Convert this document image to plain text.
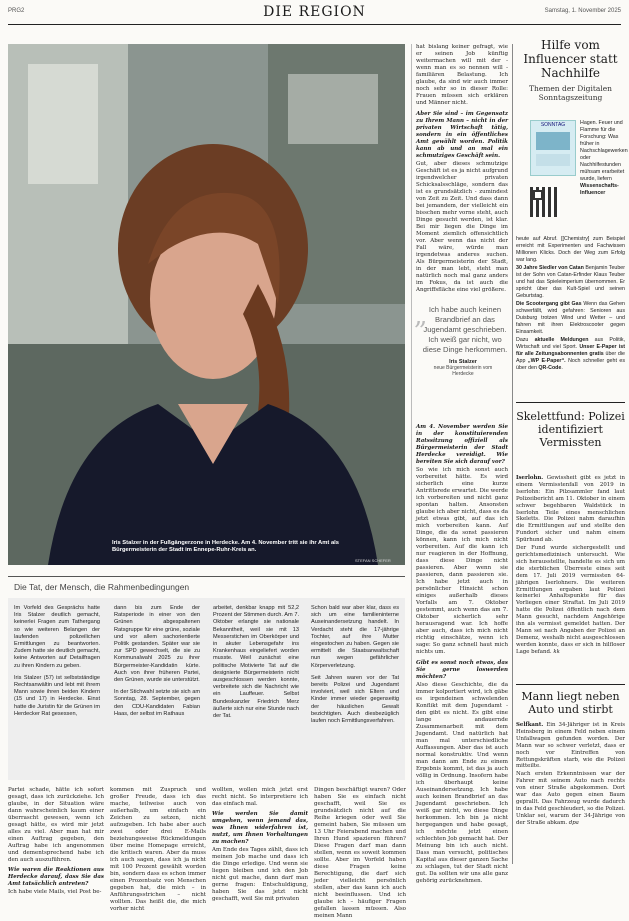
PRG2	DIE REGION	Samstag, 1. November 2025
Iris Stalzer in der Fußgängerzone in Herdecke. Am 4. November tritt sie ihr Amt als Bürgermeisterin der Stadt im Ennepe-Ruhr-Kreis an.
STEFAN SCHEFER
Die Tat, der Mensch, die Rahmenbedingungen

Im Vorfeld des Gesprächs hatte Iris Stalzer deutlich gemacht, keinerlei Fragen zum Tathergang so wie weiteren Belangen der laufenden polizeilichen Ermittlungen zu beantworten. Zudem hatte sie deutlich gemacht, keine Antworten auf Detailfragen zu ihren Kindern zu geben.

Iris Stalzer (57) ist selbstständige Rechtsanwältin und lebt mit ihrem Mann sowie ihren beiden Kindern (15 und 17) in Herdecke. Einst hatte die Juristin für die Grünen im Herdecker Rat gesessen,

dann bis zum Ende der Ratsperiode in einer von den Grünen abgespaltenen Ratsgruppe für eine grüne, soziale und vor allem sachorientierte Politik gestanden. Später war sie zur SPD gewechselt, die sie zu Kommunalwahl 2025 zu ihrer Bürgermeister-Kandidatin kürte. Auch von ihrer früheren Partei, den Grünen, wurde sie unterstützt.

In der Stichwahl setzte sie sich am Sonntag, 28. September, gegen den CDU-Kandidaten Fabian Haas, der selbst im Rathaus

arbeitet, denkbar knapp mit 52,2 Prozent der Stimmen durch. Am 7. Oktober erlangte sie nationale Bekanntheit, weil sie mit 13 Messerstichen im Oberkörper und in akuter Lebensgefahr ins Krankenhaus eingeliefert worden musste. Weil zunächst eine politische Motivierte Tat auf die designierte Bürgermeisterin nicht ausgeschlossen werden konnte, verbreitete sich die Nachricht wie ein Lauffeuer. Selbst Bundeskanzler Friedrich Merz äußerte sich nur eine Stunde nach der Tat.

Schon bald war aber klar, dass es sich um eine familieninterne Auseinandersetzung handelt. In Verdacht steht die 17-jährige Tochter, auf ihre Mutter eingestochen zu haben. Gegen sie ermittelt die Staatsanwaltschaft nun wegen gefährlicher Körperverletzung.

Seit Jahren waren vor der Tat bereits Polizei und Jugendamt involviert, weil sich Eltern und Kinder immer wieder gegenseitig der häuslichen Gewalt bezichtigten. Auch diesbezüglich laufen noch Ermittlungsverfahren.

Partei schade, hätte ich sofort gesagt, dass ich zurückziehe. Ich glaube, in der Situation wäre dann wahrscheinlich kaum einer überrascht gewesen, wenn ich gesagt hätte, es wird mir jetzt alles zu viel. Aber man hat mir einen Auftrag gegeben, den Auftrag habe ich angenommen und dementsprechend habe ich den auch auszuführen.

Wie waren die Reaktionen aus Herdecke darauf, dass Sie das Amt tatsächlich antreten?

Ich habe viele Mails, viel Post be-

kommen mit Zuspruch und großer Freude, dass ich das mache, teilweise auch von außerhalb, um einfach ein Zeichen zu setzen, nicht aufzugeben. Ich habe aber auch zwei oder drei E-Mails beziehungsweise Rückmeldungen über meine Homepage erreicht, die kritisch waren. Aber da muss ich auch sagen, dass ich ja nicht mit 100 Prozent gewählt worden bin, sondern dass es schon immer einen Prozentsatz von Menschen gegeben hat, die mich – in Anführungsstrichen – nicht wollten. Das heißt die, die mich vorher nicht

wollten, wollen mich jetzt erst recht nicht. So interpretiere ich das einfach mal.

Wie werden Sie damit umgehen, wenn jemand das, was Ihnen widerfahren ist, nutzt, um Ihnen Vorhaltungen zu machen?

Am Ende des Tages zählt, dass ich meinen Job mache und dass ich die Dinge erledige. Und wenn sie liegen bleiben und ich den Job nicht gut mache, dann darf man gerne fragen: Entschuldigung, haben Sie das jetzt nicht geschafft, weil Sie mit privaten

Dingen beschäftigt waren? Oder haben Sie es einfach nicht geschafft, weil Sie es grundsätzlich nicht auf die Reihe kriegen oder weil Sie gemeint haben, Sie müssen um 13 Uhr Feierabend machen und Ihren Hund spazieren führen? Diese Fragen darf man dann stellen, wenn es soweit kommen sollte. Aber im Vorfeld haben diese Fragen keine Berechtigung, die darf sich jeder vielleicht persönlich stellen, aber das kann ich auch nicht beeinflussen. Und ich glaube ich – häufiger Fragen gefallen lassen müssen. Also meinen Mann

hat bislang keiner gefragt, wie er seinen Job künftig weitermachen will mit der - wenn man es so nennen will - familiären Belastung. Ich glaube, da sind wir auch immer noch sehr so in dieser Rolle: Frauen müssen sich erklären und Männer nicht.

Aber Sie sind – im Gegensatz zu Ihrem Mann – nicht in der privaten Wirtschaft tätig, sondern in ein öffentliches Amt gewählt worden. Politik kann ab und an mal ein schmutziges Geschäft sein.

Gut, aber dieses schmutzige Geschäft ist es ja nicht aufgrund irgendwelcher privaten Schicksalsschläge, sondern das ist es grundsätzlich - zumindest von Zeit zu Zeit. Und dass dann bei jemandem, der vielleicht ein bisschen mehr vorne steht, auch Dinge gesucht werden, ist klar. Bei mir liegen die Dinge im Moment ziemlich offensichtlich vor. Aber wenn das nicht der Fall wäre, würde man irgendetwas anderes suchen. Als Bürgermeisterin der Stadt, in der man lebt, steht man natürlich noch mal ganz anders im Fokus, da ist auch die Angriffsfläche eine viel größere.

„ Ich habe auch keinen Brandbrief an das Jugendamt geschrieben. Ich weiß gar nicht, wo diese Dinge herkommen.
Iris Stalzer
neue Bürgermeisterin vom Herdecke

Am 4. November werden Sie in der konstituierenden Ratssitzung offiziell als Bürgermeisterin der Stadt Herdecke vereidigt. Wie bereiten Sie sich darauf vor?

So wie ich mich sonst auch vorbereitet hätte. Es wird sicherlich eine kurze Antrittsrede erwartet. Die werde ich vorbereiten und nicht ganz spontan halten. Ansonsten glaube ich aber nicht, dass es da jetzt etwas gibt, auf das ich mich vorbereiten kann. Auf Dinge, die da sonst passieren können, kann ich mich nicht vorbereiten. Auf die kann ich nur reagieren in der Hoffnung, dass diese Dinge nicht passieren. Aber wenn sie passieren, dann passieren sie. Ich habe jetzt auch in persönlicher Hinsicht schon einiges außerhalb dieses Vorfalls am 7. Oktober gestemmt, auch wenn das am 7. Oktober sicherlich sehr herausragend war. Ich hoffe aber auch, dass ich mich nicht richtig einschätze, wenn ich sage: So ganz schnell haut mich nichts um.

Gibt es sonst noch etwas, das Sie gerne loswerden möchten?

Also diese Geschichte, die da immer kolportiert wird, ich gäbe es irgendeinen schwelenden Konflikt mit dem Jugendamt - den gibt es nicht. Es gibt eine lange andauernde Zusammenarbeit mit dem Jugendamt. Und natürlich hat man mal unterschiedliche Auffassungen. Aber das ist auch normal konstruktiv. Und wenn man dann am Ende zu einem Ergebnis kommt, ist das ja auch völlig in Ordnung. Insofern habe ich überhaupt keine Auseinandersetzung. Ich habe auch keinen Brandbrief an das Jugendamt geschrieben. Ich weiß gar nicht, wo diese Dinge herkommen. Ich bin ja nicht hergegangen und habe gesagt, ich möchte jetzt einen schlechten Job gemacht hat. Der Meinung bin ich auch nicht. Dass man versucht, politisches Kapital aus dieser ganzen Sache zu schlagen, tut der Stadt nicht gut. Da sollten wir uns alle ganz gehörig zurücknehmen.

Hilfe vom Influencer statt Nachhilfe
Themen der Digitalen Sonntagszeitung
SONNTAG	Hagen. Feuer und Flamme für die Forschung: Was früher in Nachschlagewerken oder Nachhilfestunden mühsam erarbeitet wurde, liefern Wissenschafts-Influencer

heute auf Abruf. [[Chemistry] zum Beispiel erreicht mit Experimenten und Fachwissen Millionen Klicks. Doch der Weg zum Erfolg war lang.

30 Jahre Siedler von Catan Benjamin Teuber ist der Sohn von Catan-Erfinder Klaus Teuber und hat das Spieleimperium übernommen. Er spricht über das Kult-Spiel und seinen Geburtstag.

Die Scootergang gibt Gas Wenn das Gehen schwerfällt, wird gefahren: Senioren aus Duisburg trotzen Wind und Wetter – und fahren mit ihren Elektroscooter gegen Einsamkeit.

Dazu aktuelle Meldungen aus Politik, Wirtschaft und viel Sport. Unser E-Paper ist für alle Zeitungsabonnenten gratis über die App „WP E-Paper“. Noch schneller geht es über den QR-Code.

Skelettfund: Polizei identifiziert Vermissten

Iserlohn. Gewissheit gibt es jetzt in einem Vermisstenfall von 2019 in Iserlohn: Ein Pilzsammler fand laut Polizeibericht am 11. Oktober in einem schwer begehbaren Waldstück in Iserlohn Teile eines menschlichen Skeletts. Die Polizei nahm daraufhin die Ermittlungen auf und stellte den Fundort sicher und nahm einem Spürhund ab.

Der Fund wurde sichergestellt und gerichtsmedizinisch untersucht. Wie sich herausstellte, handelte es sich um die sterblichen Überreste eines seit dem 17. Juli 2019 vermissten 64-jährigen Iserlohners. Die weiteren Ermittlungen ergaben laut Polizei keinerlei Anhaltspunkte für das Vorliegen einer Straftat. Im Juli 2019 hatte die Polizei öffentlich nach dem Mann gesucht, nachdem Angehörige ihn als vermisst gemeldet hatten. Der Mann sei nach Angaben der Polizei an Demenz, weshalb nicht ausgeschlossen werden konnte, dass er sich in hilfloser Lage befand. kk

Mann liegt neben Auto und stirbt

Selfkant. Ein 34-Jähriger ist in Kreis Heinsberg in einem Feld neben einem Unfallwagen gefunden worden. Der Mann war so schwer verletzt, dass er noch vor Eintreffen von Rettungskräften starb, wie die Polizei mitteilte.

Nach ersten Erkenntnissen war der Fahrer mit seinem Auto nach rechts von einer Straße abgekommen. Dort war das Auto gegen einen Baum geprallt. Das Fahrzeug wurde dadurch in das Feld geschleudert, so die Polizei. Unklar sei, warum der 34-Jährige von der Straße abkam. dpa
